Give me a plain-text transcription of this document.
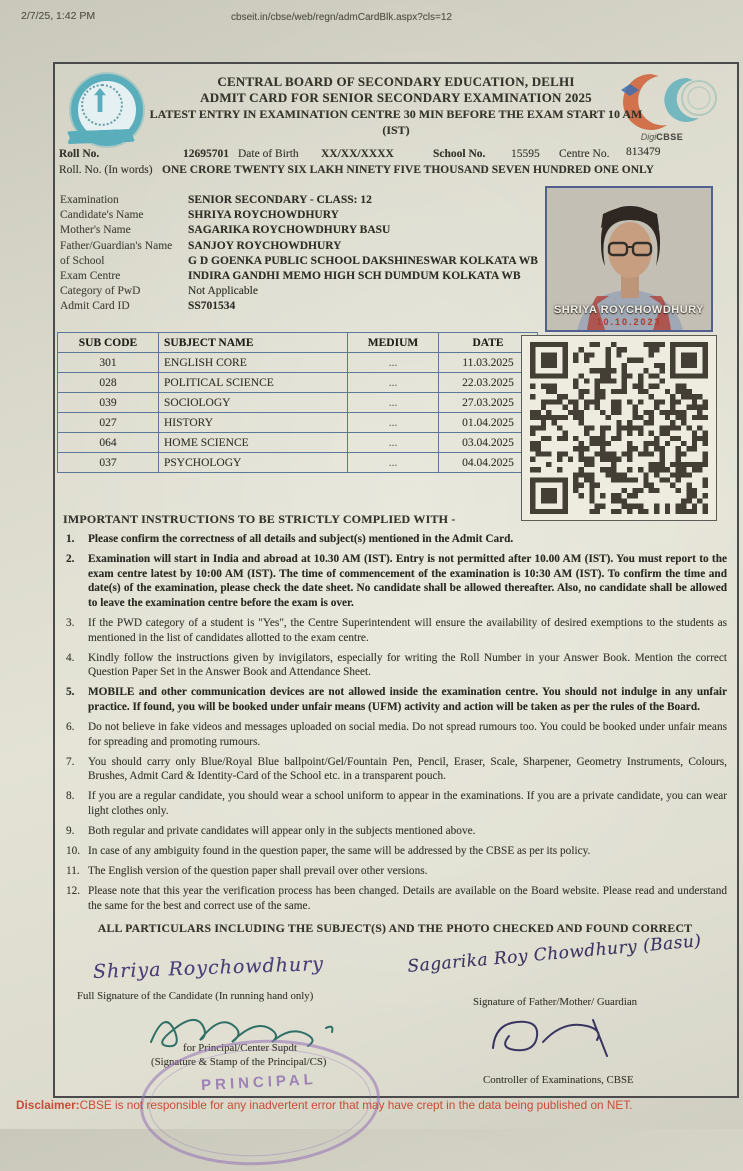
2/7/25, 1:42 PM	cbseit.in/cbse/web/regn/admCardBlk.aspx?cls=12
DigiCBSE
CENTRAL BOARD OF SECONDARY EDUCATION, DELHI
ADMIT CARD FOR SENIOR SECONDARY EXAMINATION 2025
LATEST ENTRY IN EXAMINATION CENTRE 30 MIN BEFORE THE EXAM START 10 AM
(IST)
Roll No.	12695701 Date of Birth XX/XX/XXXX	School No. 15595 Centre No. 813479
Roll. No. (In words) ONE CRORE TWENTY SIX LAKH NINETY FIVE THOUSAND SEVEN HUNDRED ONE ONLY
Examination	SENIOR SECONDARY - CLASS: 12
Candidate's Name	SHRIYA ROYCHOWDHURY
Mother's Name	SAGARIKA ROYCHOWDHURY BASU
Father/Guardian's Name	SANJOY ROYCHOWDHURY
of School	G D GOENKA PUBLIC SCHOOL DAKSHINESWAR KOLKATA WB
Exam Centre	INDIRA GANDHI MEMO HIGH SCH DUMDUM KOLKATA WB
Category of PwD	Not Applicable
Admit Card ID	SS701534	SHRIYA ROYCHOWDHURY
10.10.2023
SUB CODE	SUBJECT NAME	MEDIUM	DATE
301	ENGLISH CORE	...	11.03.2025
028	POLITICAL SCIENCE	...	22.03.2025
039	SOCIOLOGY	...	27.03.2025
027	HISTORY	...	01.04.2025
064	HOME SCIENCE	...	03.04.2025
037	PSYCHOLOGY	...	04.04.2025
IMPORTANT INSTRUCTIONS TO BE STRICTLY COMPLIED WITH -
1. Please confirm the correctness of all details and subject(s) mentioned in the Admit Card.
2. Examination will start in India and abroad at 10.30 AM (IST). Entry is not permitted after 10.00 AM (IST). You must report to the exam centre latest by 10:00 AM (IST). The time of commencement of the examination is 10:30 AM (IST). To confirm the time and date(s) of the examination, please check the date sheet. No candidate shall be allowed thereafter. Also, no candidate shall be allowed to leave the examination centre before the exam is over.
3. If the PWD category of a student is "Yes", the Centre Superintendent will ensure the availability of desired exemptions to the students as mentioned in the list of candidates allotted to the exam centre.
4. Kindly follow the instructions given by invigilators, especially for writing the Roll Number in your Answer Book. Mention the correct Question Paper Set in the Answer Book and Attendance Sheet.
5. MOBILE and other communication devices are not allowed inside the examination centre. You should not indulge in any unfair practice. If found, you will be booked under unfair means (UFM) activity and action will be taken as per the rules of the Board.
6. Do not believe in fake videos and messages uploaded on social media. Do not spread rumours too. You could be booked under unfair means for spreading and promoting rumours.
7. You should carry only Blue/Royal Blue ballpoint/Gel/Fountain Pen, Pencil, Eraser, Scale, Sharpener, Geometry Instruments, Colours, Brushes, Admit Card & Identity-Card of the School etc. in a transparent pouch.
8. If you are a regular candidate, you should wear a school uniform to appear in the examinations. If you are a private candidate, you can wear light clothes only.
9. Both regular and private candidates will appear only in the subjects mentioned above.
10. In case of any ambiguity found in the question paper, the same will be addressed by the CBSE as per its policy.
11. The English version of the question paper shall prevail over other versions.
12. Please note that this year the verification process has been changed. Details are available on the Board website. Please read and understand the same for the best and correct use of the same.
ALL PARTICULARS INCLUDING THE SUBJECT(S) AND THE PHOTO CHECKED AND FOUND CORRECT
Shriya Roychowdhury
Full Signature of the Candidate (In running hand only)
Sagarika Roy Chowdhury (Basu)
Signature of Father/Mother/ Guardian
for Principal/Center Supdt
(Signature & Stamp of the Principal/CS)
Controller of Examinations, CBSE
PRINCIPAL
Disclaimer:CBSE is not responsible for any inadvertent error that may have crept in the data being published on NET.
